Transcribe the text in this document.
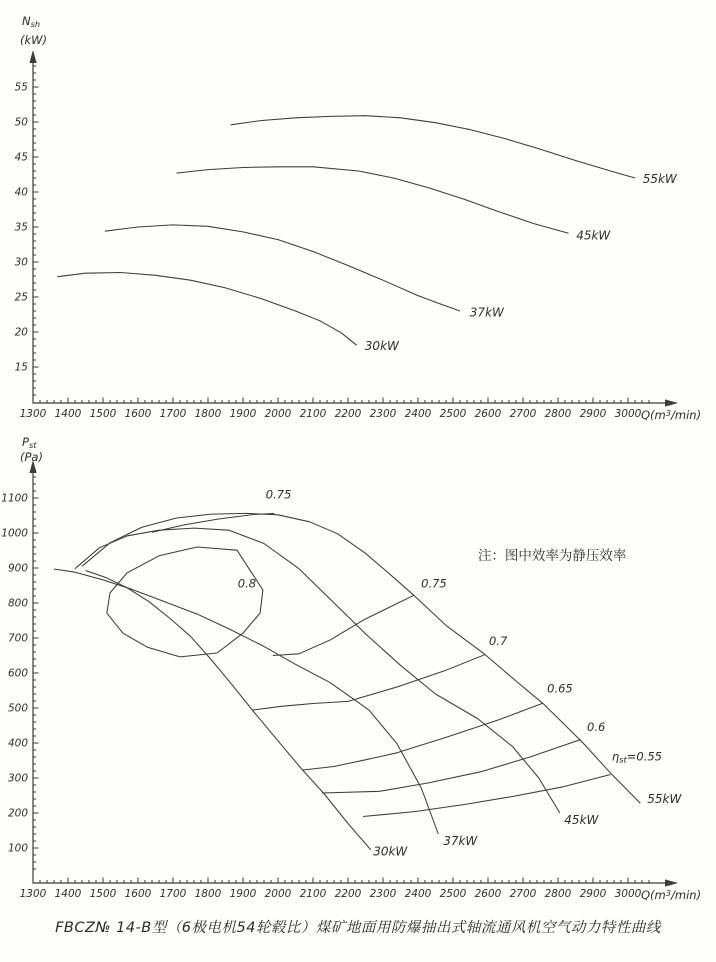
1300 1400 1500 1600 1700 1800 1900 2000 2100 2200 2300 2400 2500 2600 2700 2800 2900 3000
15
20
25
30
35
40
45
50
55
Nsh
(kW)
Q(m3/min)
30kW
37kW
45kW
55kW
1300 1400 1500 1600 1700 1800 1900 2000 2100 2200 2300 2400 2500 2600 2700 2800 2900 3000
100
200
300
400
500
600
700
800
900
1000
1100
Pst
(Pa)
Q(m3/min)
注：图中效率为静压效率
30kW
37kW
45kW
55kW
0.8
0.75
0.75
0.7
0.65
0.6
ηst=0.55
FBCZ№ 14-B型（6极电机54轮毂比）煤矿地面用防爆抽出式轴流通风机空气动力特性曲线
